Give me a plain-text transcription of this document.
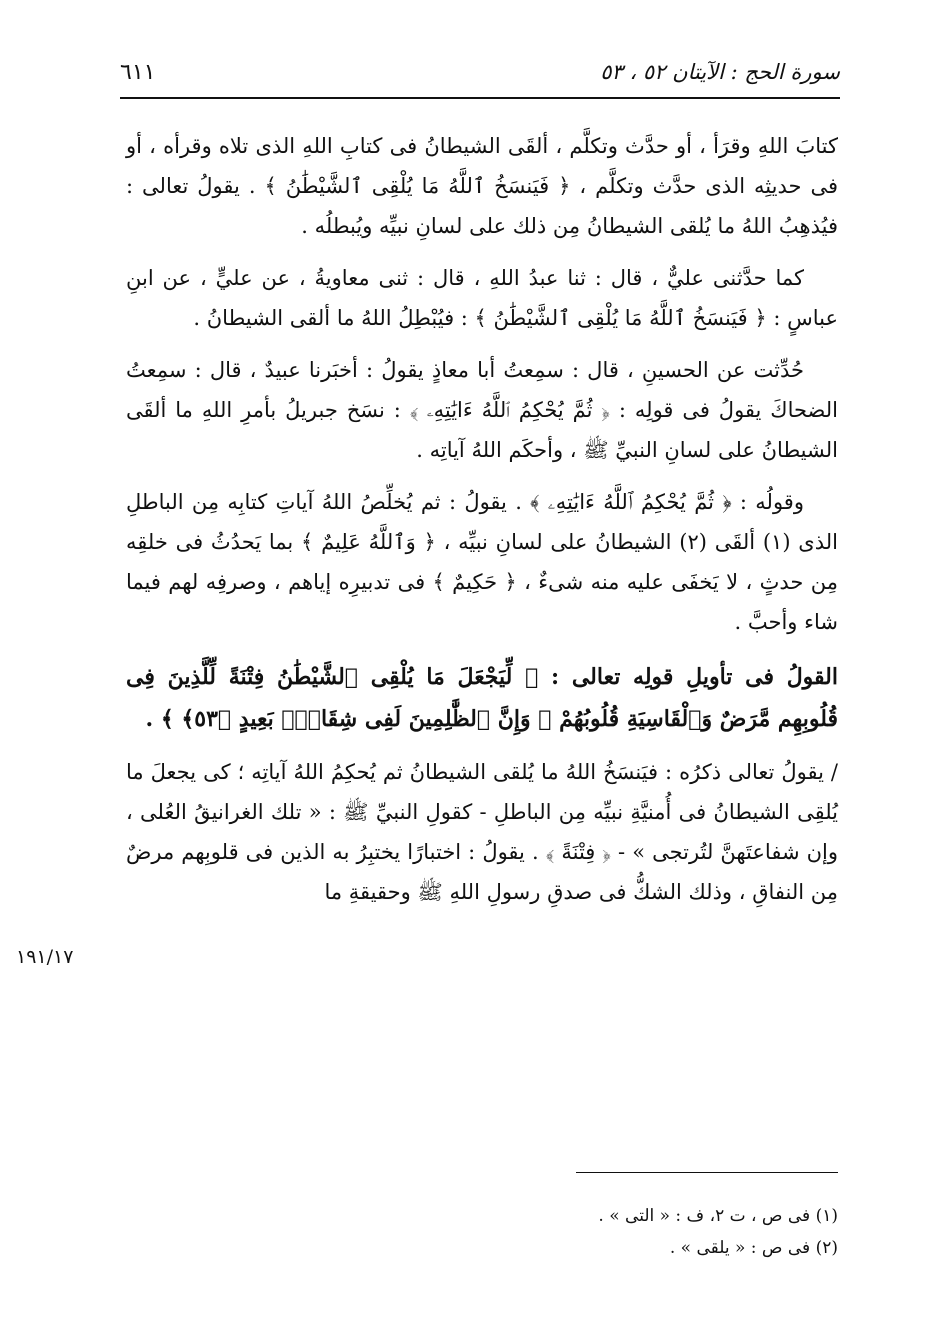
سورة الحج : الآيتان ٥٢ ، ٥٣
٦١١

كتابَ اللهِ وقرَأ ، أو حدَّث وتكلَّم ، ألقَى الشيطانُ فى كتابِ اللهِ الذى تلاه وقرأه ، أو فى حديثِه الذى حدَّث وتكلَّم ، ﴿ فَيَنسَخُ ٱللَّهُ مَا يُلْقِى ٱلشَّيْطَٰنُ ﴾ . يقولُ تعالى : فيُذهِبُ اللهُ ما يُلقى الشيطانُ مِن ذلك على لسانِ نبيِّه ويُبطلُه .

كما حدَّثنى عليٌّ ، قال : ثنا عبدُ اللهِ ، قال : ثنى معاويةُ ، عن عليٍّ ، عن ابنِ عباسٍ : ﴿ فَيَنسَخُ ٱللَّهُ مَا يُلْقِى ٱلشَّيْطَٰنُ ﴾ : فيُبْطِلُ اللهُ ما ألقى الشيطانُ .

حُدِّثت عن الحسينِ ، قال : سمِعتُ أبا معاذٍ يقولُ : أخبَرنا عبيدٌ ، قال : سمِعتُ الضحاكَ يقولُ فى قولِه : ﴿ ثُمَّ يُحْكِمُ ٱللَّهُ ءَايَٰتِهِۦ ﴾ : نسَخ جبريلُ بأمرِ اللهِ ما ألقَى الشيطانُ على لسانِ النبيِّ ﷺ ، وأحكَم اللهُ آياتِه .

وقولُه : ﴿ ثُمَّ يُحْكِمُ ٱللَّهُ ءَايَٰتِهِۦ ﴾ . يقولُ : ثم يُخلِّصُ اللهُ آياتِ كتابِه مِن الباطلِ الذى (١) ألقَى (٢) الشيطانُ على لسانِ نبيِّه ، ﴿ وَٱللَّهُ عَلِيمٌ ﴾ بما يَحدُثُ فى خلقِه مِن حدثٍ ، لا يَخفَى عليه منه شىءٌ ، ﴿ حَكِيمٌ ﴾ فى تدبيرِه إياهم ، وصرفِه لهم فيما شاء وأحبَّ .

القولُ فى تأويلِ قولِه تعالى : ﴿ لِّيَجْعَلَ مَا يُلْقِى ٱلشَّيْطَٰنُ فِتْنَةً لِّلَّذِينَ فِى قُلُوبِهِم مَّرَضٌ وَٱلْقَاسِيَةِ قُلُوبُهُمْ ۗ وَإِنَّ ٱلظَّٰلِمِينَ لَفِى شِقَاقٍۭ بَعِيدٍ ﴿٥٣﴾ ﴾ .

/ يقولُ تعالى ذكرُه : فيَنسَخُ اللهُ ما يُلقى الشيطانُ ثم يُحكِمُ اللهُ آياتِه ؛ كى يجعلَ ما يُلقِى الشيطانُ فى أُمنيَّةِ نبيِّه مِن الباطلِ - كقولِ النبيِّ ﷺ : « تلك الغرانيقُ العُلى ، وإن شفاعتَهنَّ لتُرتجى » - ﴿ فِتْنَةً ﴾ . يقولُ : اختبارًا يختبِرُ به الذين فى قلوبِهم مرضٌ مِن النفاقِ ، وذلك الشكُّ فى صدقِ رسولِ اللهِ ﷺ وحقيقةِ ما

١٩١/١٧
(١) فى ص ، ت ٢، ف : « التى » .
(٢) فى ص : « يلقى » .
